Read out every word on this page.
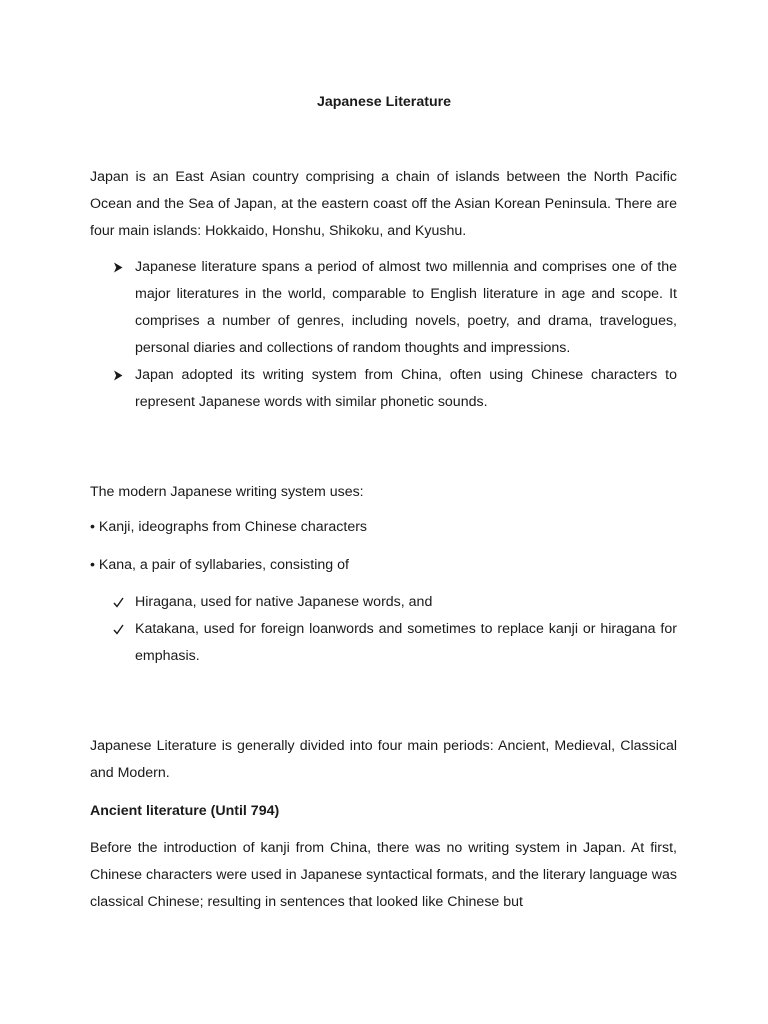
Japanese Literature

Japan is an East Asian country comprising a chain of islands between the North Pacific Ocean and the Sea of Japan, at the eastern coast off the Asian Korean Peninsula. There are four main islands: Hokkaido, Honshu, Shikoku, and Kyushu.

Japanese literature spans a period of almost two millennia and comprises one of the major literatures in the world, comparable to English literature in age and scope. It comprises a number of genres, including novels, poetry, and drama, travelogues, personal diaries and collections of random thoughts and impressions.
Japan adopted its writing system from China, often using Chinese characters to represent Japanese words with similar phonetic sounds.

The modern Japanese writing system uses:

• Kanji, ideographs from Chinese characters
• Kana, a pair of syllabaries, consisting of
Hiragana, used for native Japanese words, and
Katakana, used for foreign loanwords and sometimes to replace kanji or hiragana for emphasis.

Japanese Literature is generally divided into four main periods: Ancient, Medieval, Classical and Modern.

Ancient literature (Until 794)

Before the introduction of kanji from China, there was no writing system in Japan. At first, Chinese characters were used in Japanese syntactical formats, and the literary language was classical Chinese; resulting in sentences that looked like Chinese but
